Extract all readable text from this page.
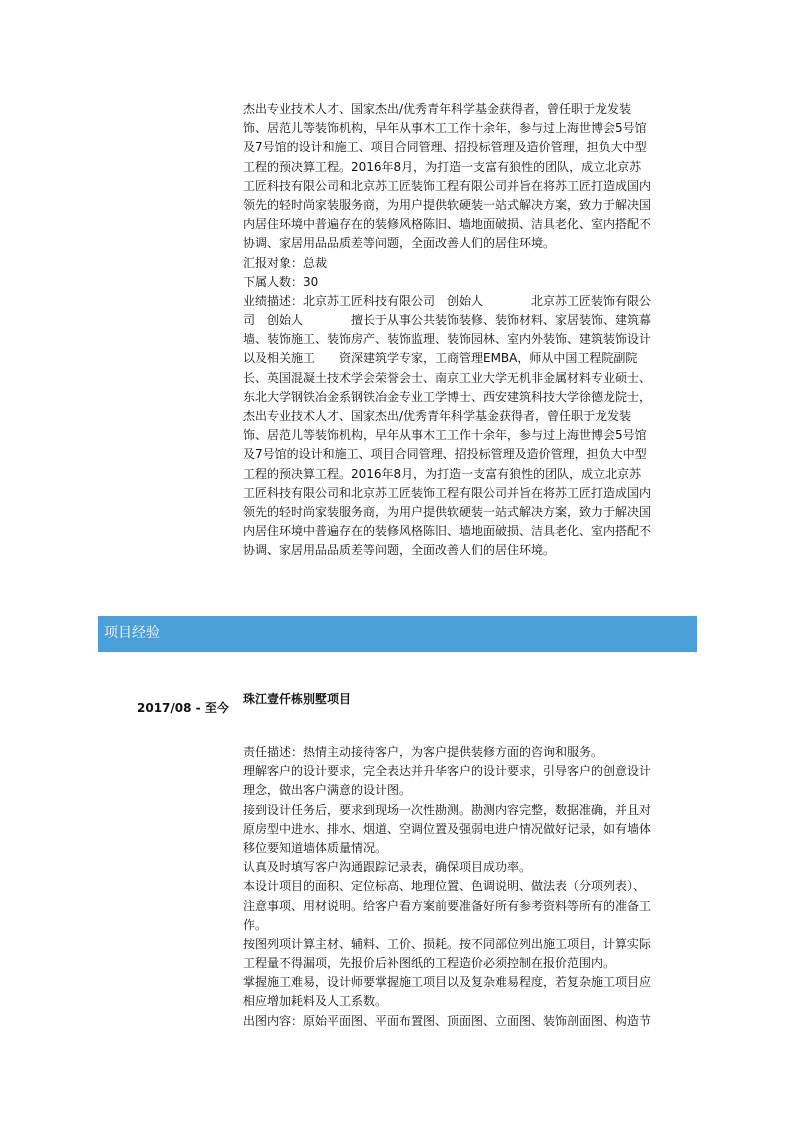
杰出专业技术人才、国家杰出/优秀青年科学基金获得者，曾任职于龙发装
饰、居范儿等装饰机构，早年从事木工工作十余年，参与过上海世博会5号馆
及7号馆的设计和施工、项目合同管理、招投标管理及造价管理，担负大中型
工程的预决算工程。2016年8月，为打造一支富有狼性的团队，成立北京苏
工匠科技有限公司和北京苏工匠装饰工程有限公司并旨在将苏工匠打造成国内
领先的轻时尚家装服务商，为用户提供软硬装一站式解决方案，致力于解决国
内居住环境中普遍存在的装修风格陈旧、墙地面破损、洁具老化、室内搭配不
协调、家居用品品质差等问题，全面改善人们的居住环境。
汇报对象：总裁
下属人数：30
业绩描述：北京苏工匠科技有限公司　创始人　　　　北京苏工匠装饰有限公
司　创始人　　　　擅长于从事公共装饰装修、装饰材料、家居装饰、建筑幕
墙、装饰施工、装饰房产、装饰监理、装饰园林、室内外装饰、建筑装饰设计
以及相关施工　　资深建筑学专家，工商管理EMBA，师从中国工程院副院
长、英国混凝土技术学会荣誉会士、南京工业大学无机非金属材料专业硕士、
东北大学钢铁冶金系钢铁冶金专业工学博士、西安建筑科技大学徐德龙院士，
杰出专业技术人才、国家杰出/优秀青年科学基金获得者，曾任职于龙发装
饰、居范儿等装饰机构，早年从事木工工作十余年，参与过上海世博会5号馆
及7号馆的设计和施工、项目合同管理、招投标管理及造价管理，担负大中型
工程的预决算工程。2016年8月，为打造一支富有狼性的团队，成立北京苏
工匠科技有限公司和北京苏工匠装饰工程有限公司并旨在将苏工匠打造成国内
领先的轻时尚家装服务商，为用户提供软硬装一站式解决方案，致力于解决国
内居住环境中普遍存在的装修风格陈旧、墙地面破损、洁具老化、室内搭配不
协调、家居用品品质差等问题，全面改善人们的居住环境。
项目经验
2017/08 - 至今
珠江壹仟栋别墅项目
责任描述：热情主动接待客户，为客户提供装修方面的咨询和服务。
理解客户的设计要求，完全表达并升华客户的设计要求，引导客户的创意设计
理念，做出客户满意的设计图。
接到设计任务后，要求到现场一次性勘测。勘测内容完整，数据准确，并且对
原房型中进水、排水、烟道、空调位置及强弱电进户情况做好记录，如有墙体
移位要知道墙体质量情况。
认真及时填写客户沟通跟踪记录表，确保项目成功率。
本设计项目的面积、定位标高、地理位置、色调说明、做法表（分项列表）、
注意事项、用材说明。给客户看方案前要准备好所有参考资料等所有的准备工
作。
按图列项计算主材、辅料、工价、损耗。按不同部位列出施工项目，计算实际
工程量不得漏项，先报价后补图纸的工程造价必须控制在报价范围内。
掌握施工难易，设计师要掌握施工项目以及复杂难易程度，若复杂施工项目应
相应增加耗料及人工系数。
出图内容：原始平面图、平面布置图、顶面图、立面图、装饰剖面图、构造节
